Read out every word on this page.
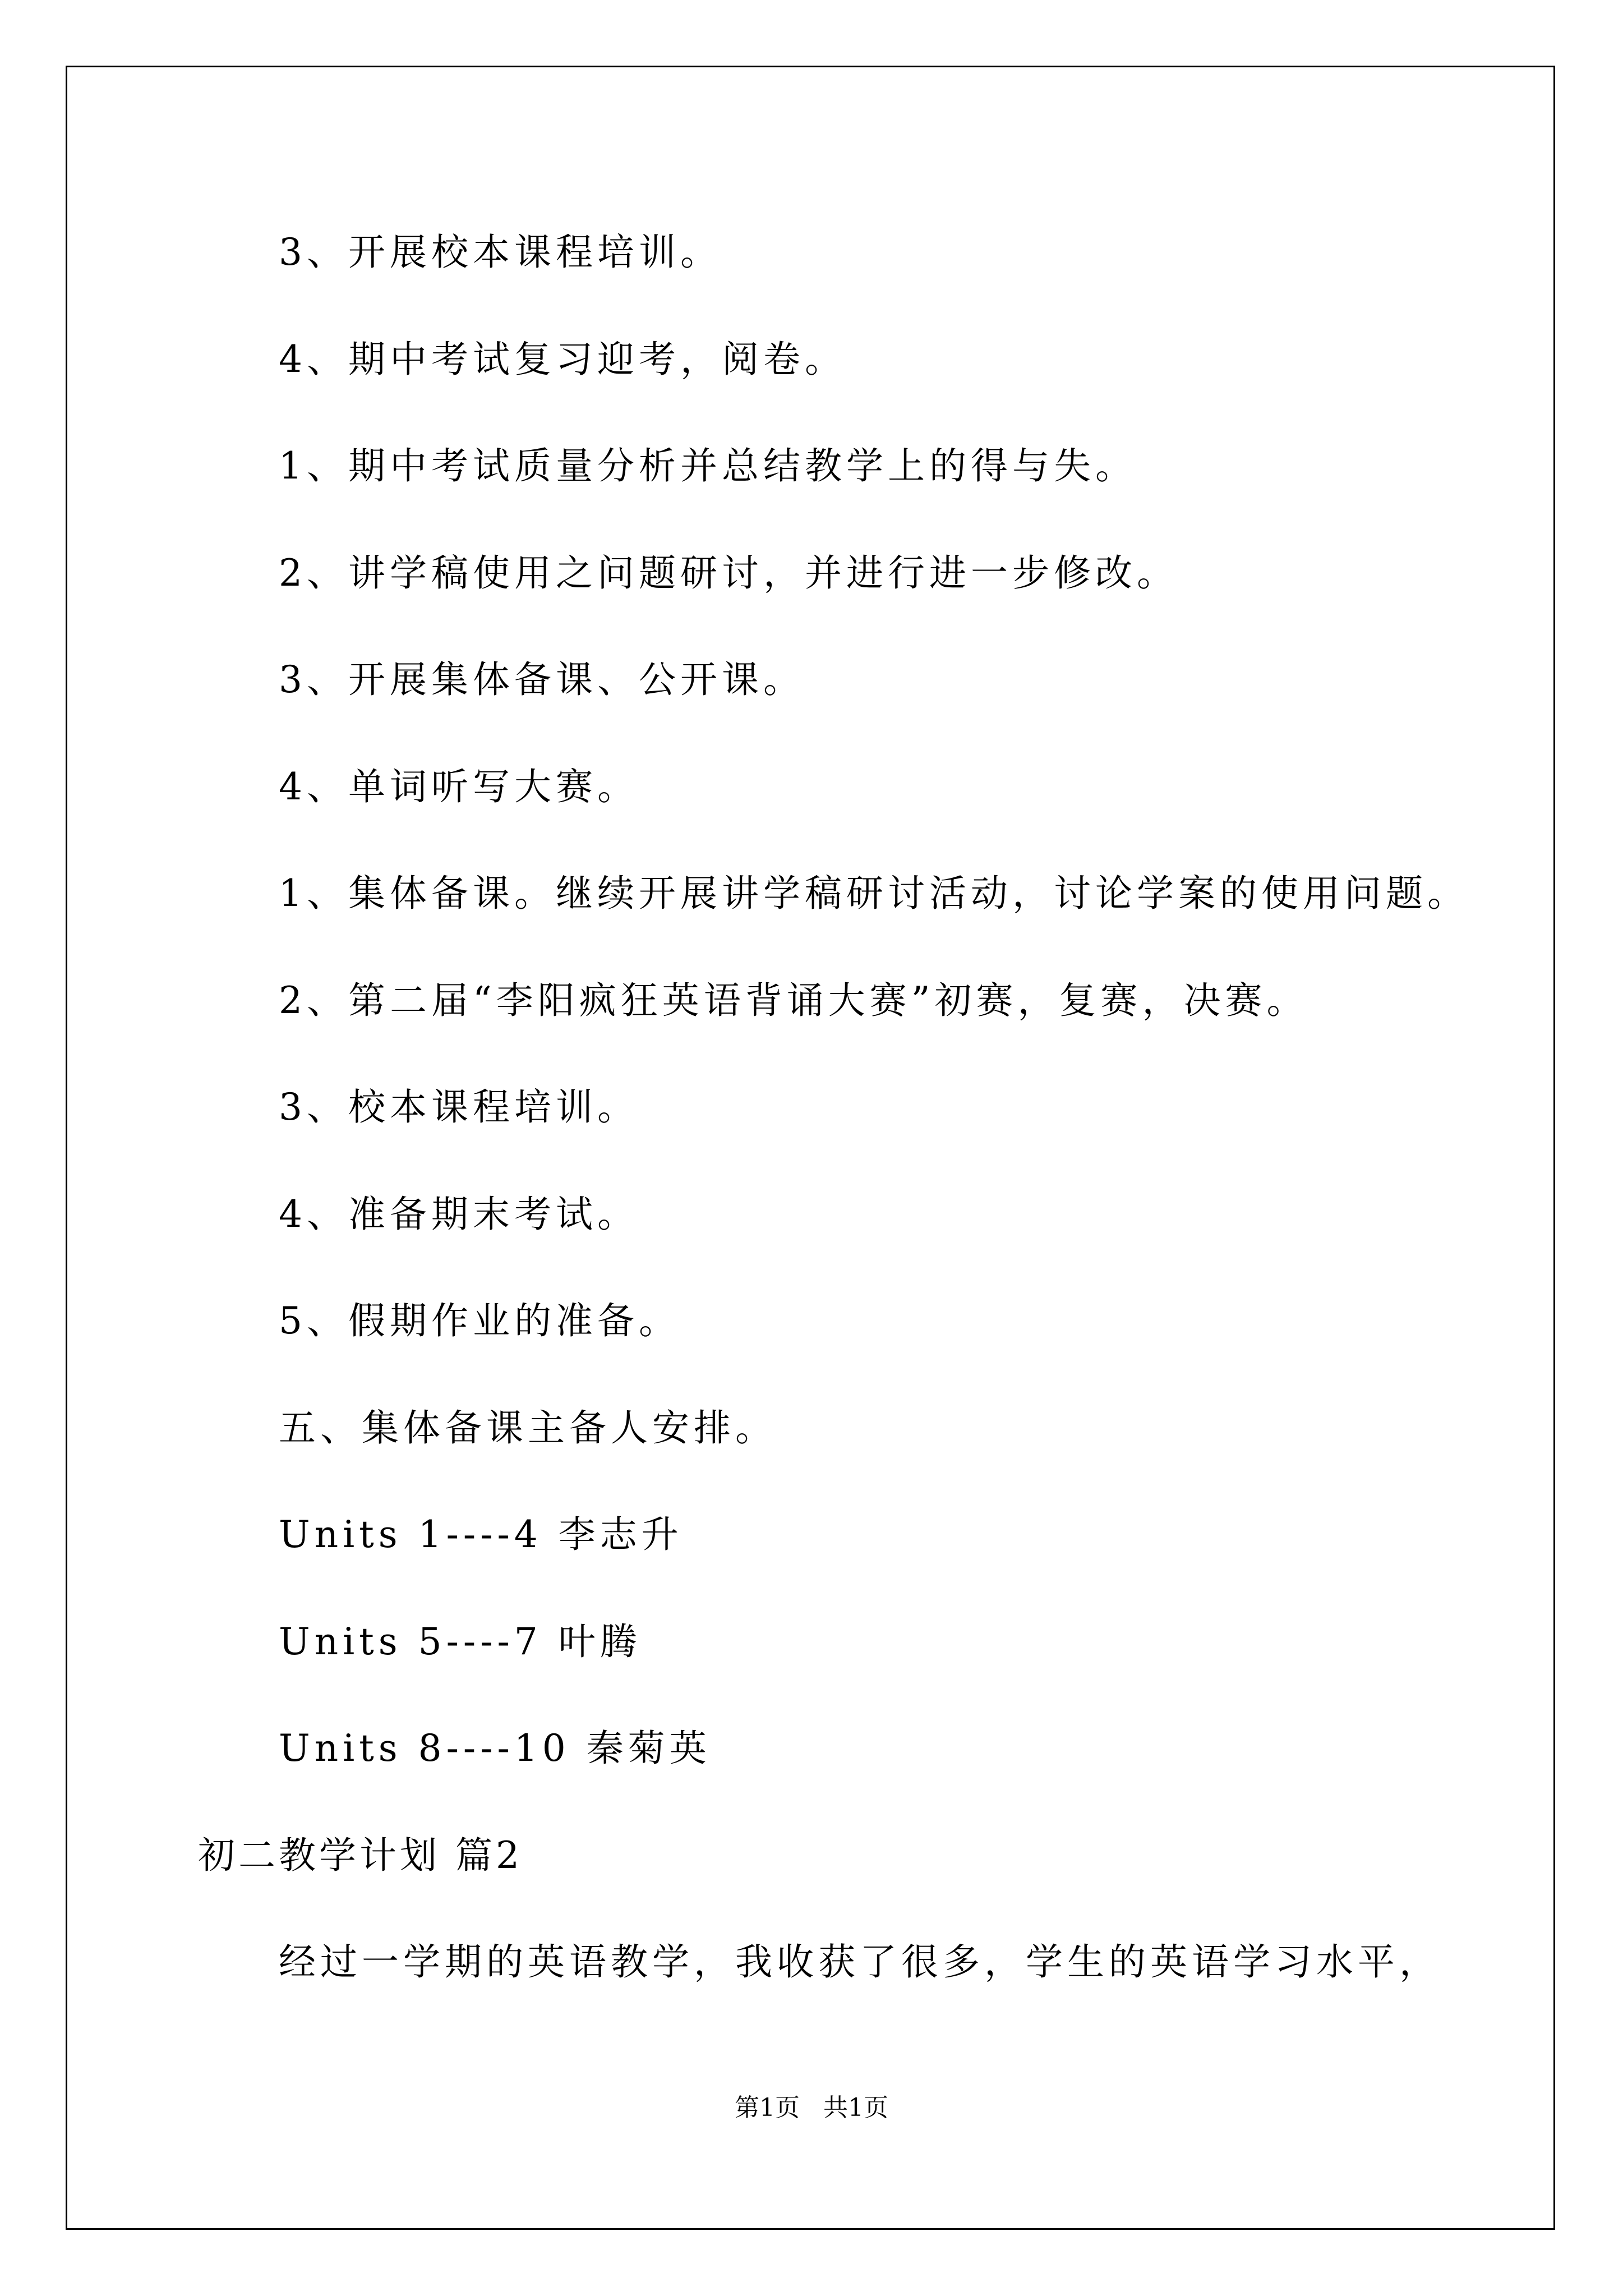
3、开展校本课程培训。
4、期中考试复习迎考，阅卷。
1、期中考试质量分析并总结教学上的得与失。
2、讲学稿使用之问题研讨，并进行进一步修改。
3、开展集体备课、公开课。
4、单词听写大赛。
1、集体备课。继续开展讲学稿研讨活动，讨论学案的使用问题。
2、第二届“李阳疯狂英语背诵大赛”初赛，复赛，决赛。
3、校本课程培训。
4、准备期末考试。
5、假期作业的准备。
五、集体备课主备人安排。
Units 1----4 李志升
Units 5----7 叶腾
Units 8----10 秦菊英
初二教学计划 篇2
经过一学期的英语教学，我收获了很多，学生的英语学习水平，
第1页 共1页
